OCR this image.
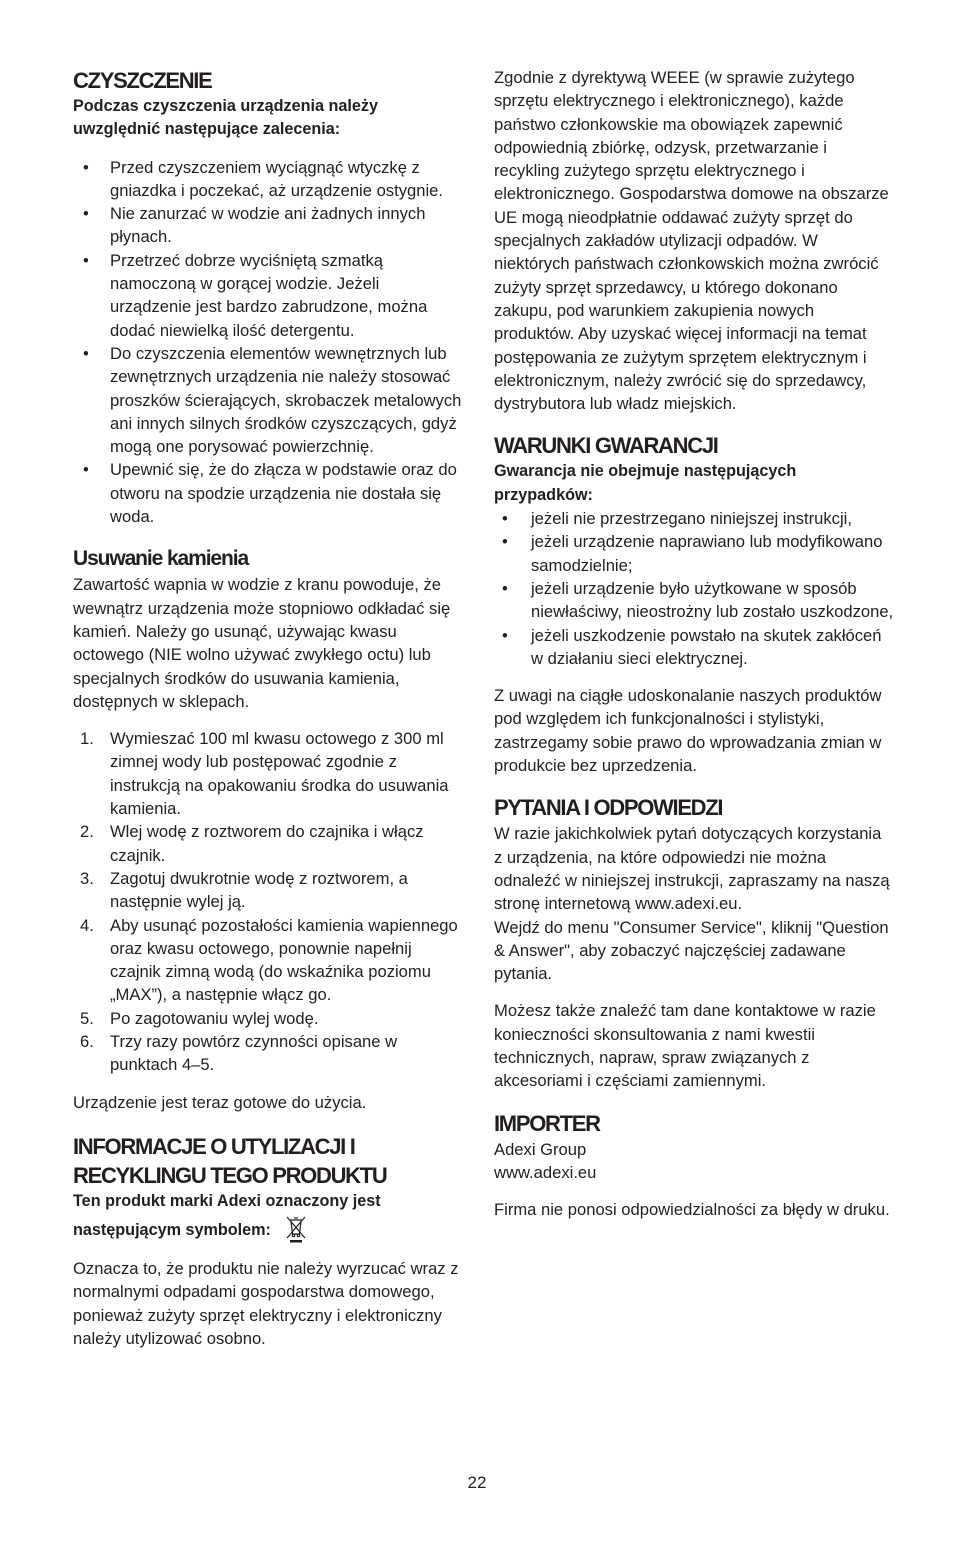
CZYSZCZENIE

Podczas czyszczenia urządzenia należy uwzględnić następujące zalecenia:

• Przed czyszczeniem wyciągnąć wtyczkę z gniazdka i poczekać, aż urządzenie ostygnie.
• Nie zanurzać w wodzie ani żadnych innych płynach.
• Przetrzeć dobrze wyciśniętą szmatką namoczoną w gorącej wodzie. Jeżeli urządzenie jest bardzo zabrudzone, można dodać niewielką ilość detergentu.
• Do czyszczenia elementów wewnętrznych lub zewnętrznych urządzenia nie należy stosować proszków ścierających, skrobaczek metalowych ani innych silnych środków czyszczących, gdyż mogą one porysować powierzchnię.
• Upewnić się, że do złącza w podstawie oraz do otworu na spodzie urządzenia nie dostała się woda.
Usuwanie kamienia

Zawartość wapnia w wodzie z kranu powoduje, że wewnątrz urządzenia może stopniowo odkładać się kamień. Należy go usunąć, używając kwasu octowego (NIE wolno używać zwykłego octu) lub specjalnych środków do usuwania kamienia, dostępnych w sklepach.

1. Wymieszać 100 ml kwasu octowego z 300 ml zimnej wody lub postępować zgodnie z instrukcją na opakowaniu środka do usuwania kamienia.
2. Wlej wodę z roztworem do czajnika i włącz czajnik.
3. Zagotuj dwukrotnie wodę z roztworem, a następnie wylej ją.
4. Aby usunąć pozostałości kamienia wapiennego oraz kwasu octowego, ponownie napełnij czajnik zimną wodą (do wskaźnika poziomu „MAX”), a następnie włącz go.
5. Po zagotowaniu wylej wodę.
6. Trzy razy powtórz czynności opisane w punktach 4–5.

Urządzenie jest teraz gotowe do użycia.

INFORMACJE O UTYLIZACJI I
RECYKLINGU TEGO PRODUKTU

Ten produkt marki Adexi oznaczony jest następującym symbolem:

Oznacza to, że produktu nie należy wyrzucać wraz z normalnymi odpadami gospodarstwa domowego, ponieważ zużyty sprzęt elektryczny i elektroniczny należy utylizować osobno.

Zgodnie z dyrektywą WEEE (w sprawie zużytego sprzętu elektrycznego i elektronicznego), każde państwo członkowskie ma obowiązek zapewnić odpowiednią zbiórkę, odzysk, przetwarzanie i recykling zużytego sprzętu elektrycznego i elektronicznego. Gospodarstwa domowe na obszarze UE mogą nieodpłatnie oddawać zużyty sprzęt do specjalnych zakładów utylizacji odpadów. W niektórych państwach członkowskich można zwrócić zużyty sprzęt sprzedawcy, u którego dokonano zakupu, pod warunkiem zakupienia nowych produktów. Aby uzyskać więcej informacji na temat postępowania ze zużytym sprzętem elektrycznym i elektronicznym, należy zwrócić się do sprzedawcy, dystrybutora lub władz miejskich.

WARUNKI GWARANCJI

Gwarancja nie obejmuje następujących przypadków:

• jeżeli nie przestrzegano niniejszej instrukcji,
• jeżeli urządzenie naprawiano lub modyfikowano samodzielnie;
• jeżeli urządzenie było użytkowane w sposób niewłaściwy, nieostrożny lub zostało uszkodzone,
• jeżeli uszkodzenie powstało na skutek zakłóceń w działaniu sieci elektrycznej.

Z uwagi na ciągłe udoskonalanie naszych produktów pod względem ich funkcjonalności i stylistyki, zastrzegamy sobie prawo do wprowadzania zmian w produkcie bez uprzedzenia.

PYTANIA I ODPOWIEDZI

W razie jakichkolwiek pytań dotyczących korzystania z urządzenia, na które odpowiedzi nie można odnaleźć w niniejszej instrukcji, zapraszamy na naszą stronę internetową www.adexi.eu.

Wejdź do menu "Consumer Service", kliknij "Question & Answer", aby zobaczyć najczęściej zadawane pytania.

Możesz także znaleźć tam dane kontaktowe w razie konieczności skonsultowania z nami kwestii technicznych, napraw, spraw związanych z akcesoriami i częściami zamiennymi.

IMPORTER

Adexi Group

www.adexi.eu

Firma nie ponosi odpowiedzialności za błędy w druku.

22
